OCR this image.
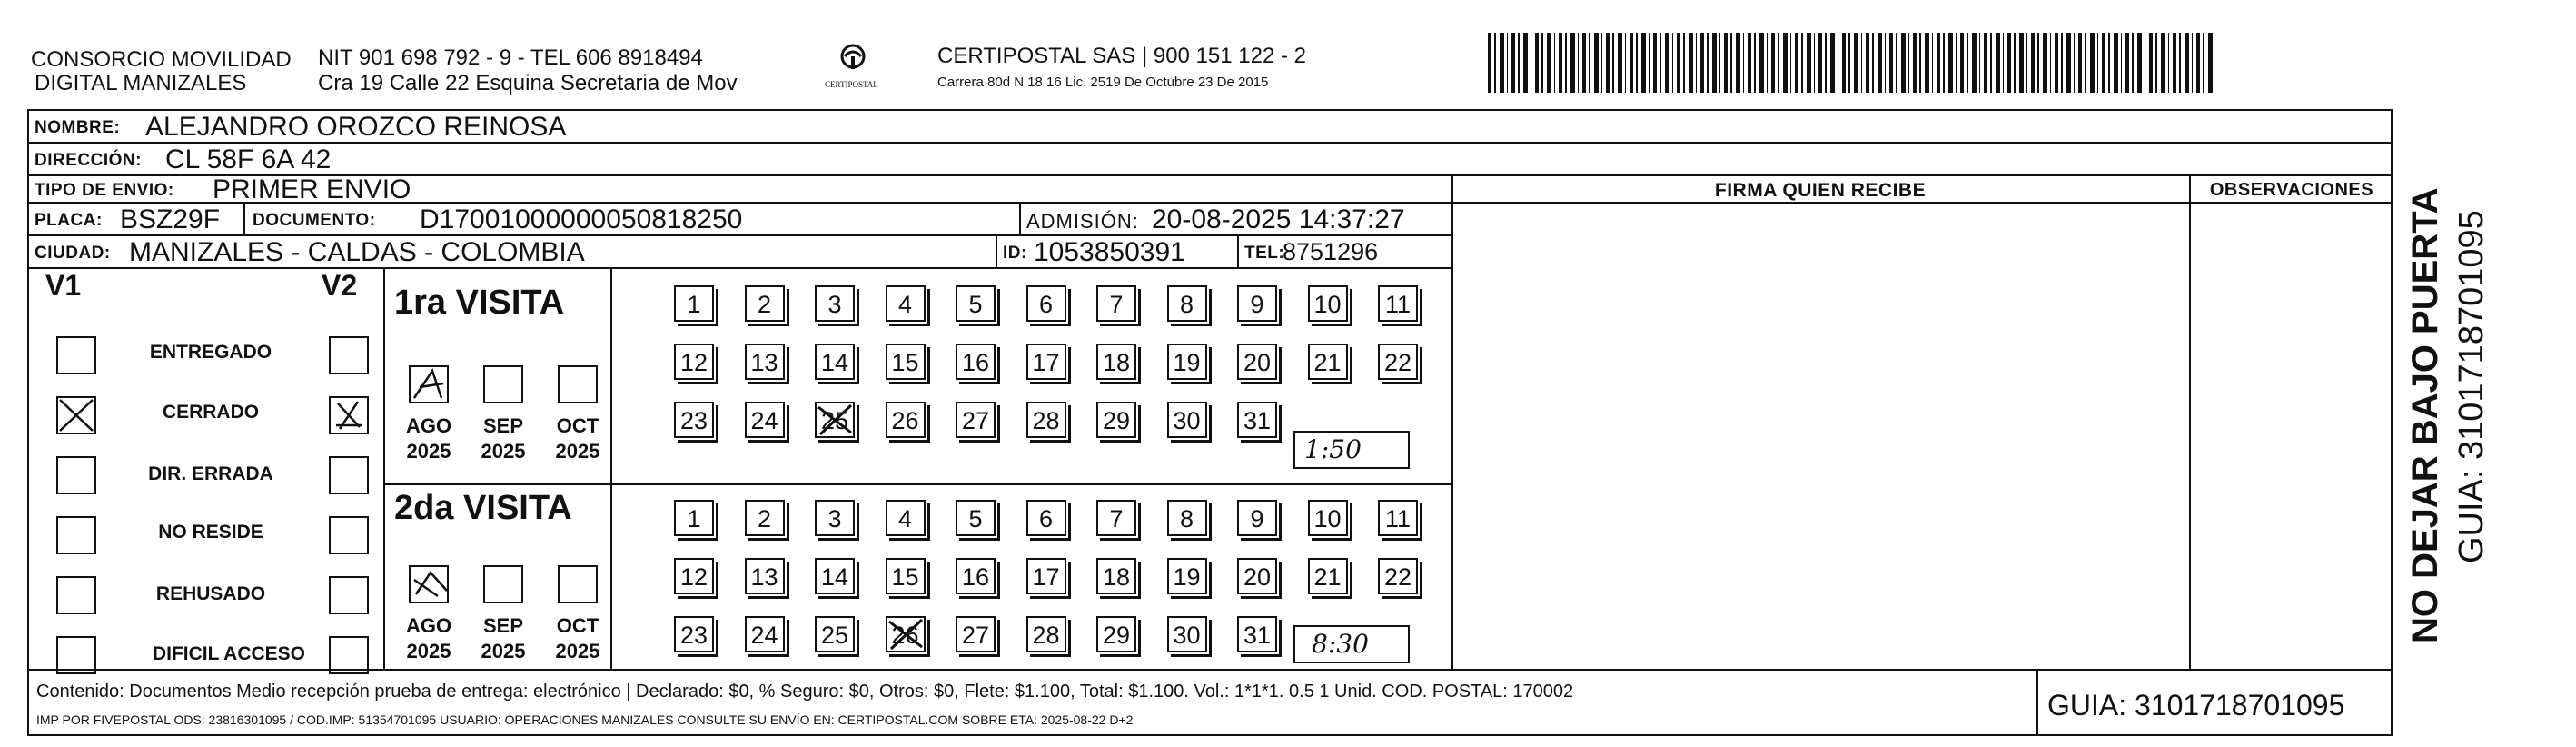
CONSORCIO MOVILIDAD
DIGITAL MANIZALES
NIT 901 698 792 - 9 - TEL 606 8918494
Cra 19 Calle 22 Esquina Secretaria de Mov	CERTIPOSTAL
CERTIPOSTAL SAS | 900 151 122 - 2
Carrera 80d N 18 16 Lic. 2519 De Octubre 23 De 2015
NOMBRE: ALEJANDRO OROZCO REINOSA
DIRECCIÓN: CL 58F 6A 42
TIPO DE ENVIO: PRIMER ENVIO
PLACA: BSZ29F DOCUMENTO: D17001000000050818250	ADMISIÓN: 20-08-2025 14:37:27
CIUDAD: MANIZALES - CALDAS - COLOMBIA	ID: 1053850391	TEL:
8751296
FIRMA QUIEN RECIBE	OBSERVACIONES
V1	V2
ENTREGADO
CERRADO
DIR. ERRADA
NO RESIDE
REHUSADO
DIFICIL ACCESO
1ra VISITA
AGO	SEP	OCT
2025 2025 2025
2da VISITA
AGO	SEP	OCT
2025 2025 2025
1	2	3	4	5	6	7	8	9	10 11
12 13 14 15 16 17 18 19 20 21 22
23 24 25 26 27 28 29 30 31
1	2	3	4	5	6	7	8	9	10 11
12 13 14 15 16 17 18 19 20 21 22
23 24 25 26 27 28 29 30 31
1:50
8:30
Contenido: Documentos Medio recepción prueba de entrega: electrónico | Declarado: $0, % Seguro: $0, Otros: $0, Flete: $1.100, Total: $1.100. Vol.: 1*1*1. 0.5 1 Unid. COD. POSTAL: 170002
IMP POR FIVEPOSTAL ODS: 23816301095 / COD.IMP: 51354701095 USUARIO: OPERACIONES MANIZALES CONSULTE SU ENVÍO EN: CERTIPOSTAL.COM SOBRE ETA: 2025-08-22 D+2	GUIA: 3101718701095
NO DEJAR BAJO PUERTA GUIA: 3101718701095
